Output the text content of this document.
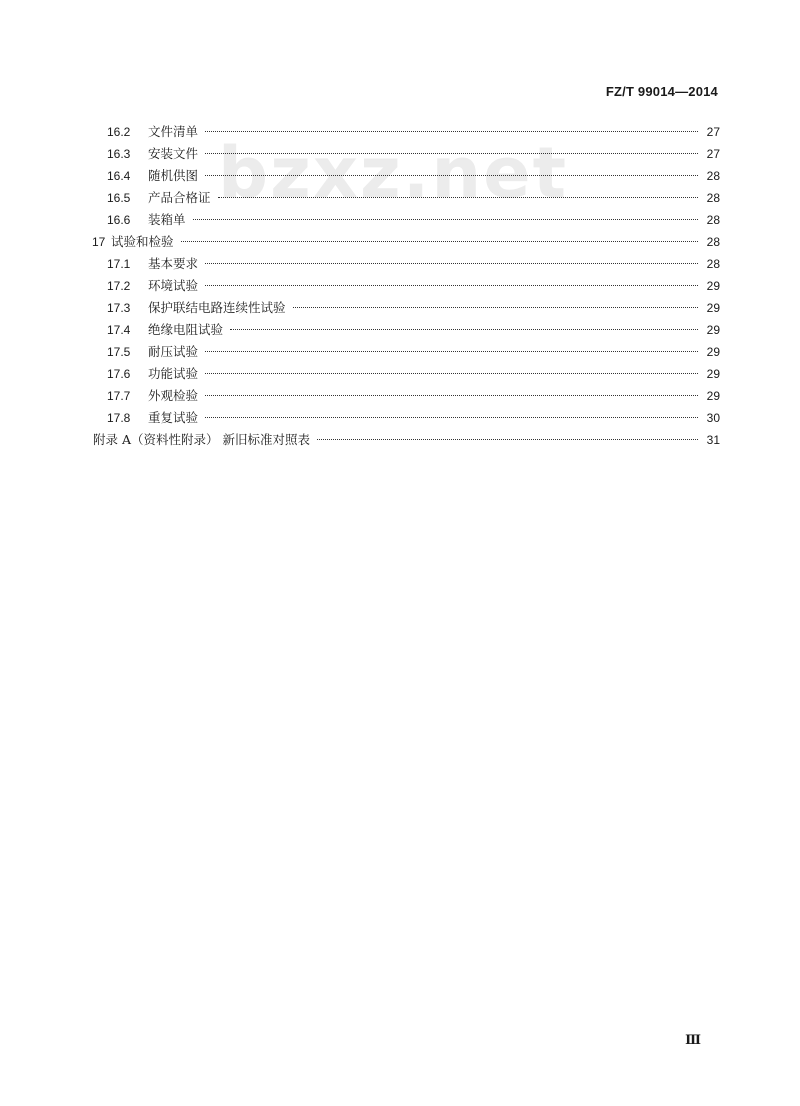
FZ/T 99014—2014
bzxz.net
16.2	文件清单	27
16.3	安装文件	27
16.4	随机供图	28
16.5	产品合格证	28
16.6	装箱单	28
17 试验和检验	28
17.1	基本要求	28
17.2	环境试验	29
17.3	保护联结电路连续性试验	29
17.4	绝缘电阻试验	29
17.5	耐压试验	29
17.6	功能试验	29
17.7	外观检验	29
17.8	重复试验	30
附录 A（资料性附录） 新旧标准对照表	31
Ⅲ
